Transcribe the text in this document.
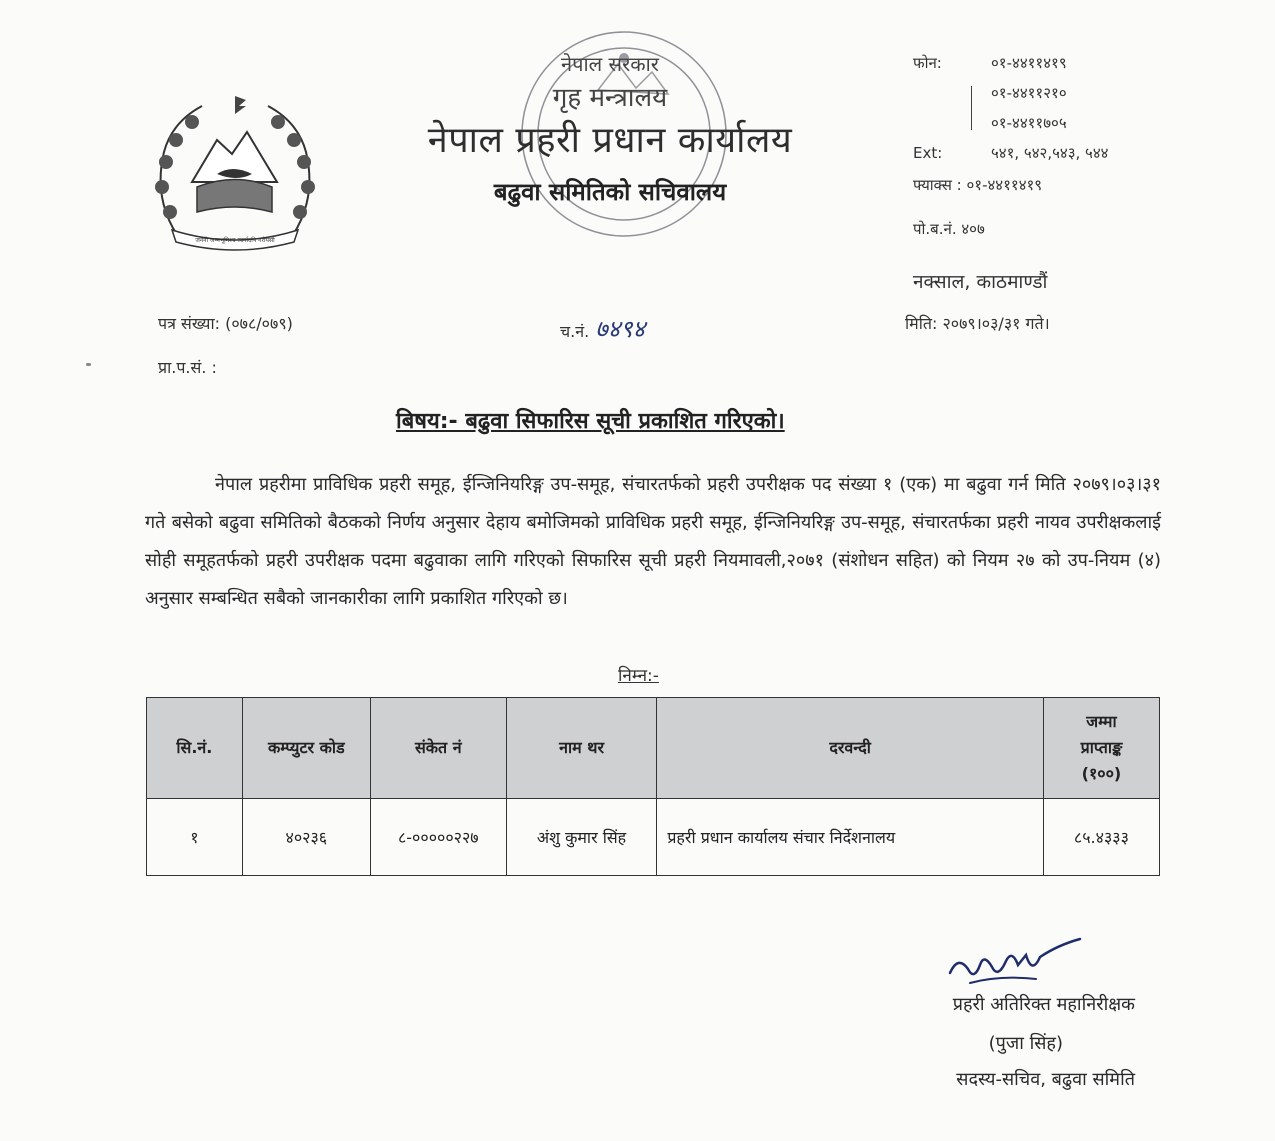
जननी जन्मभूमिश्च स्वर्गादपि गरीयसी
नेपाल सरकार
गृह मन्त्रालय
नेपाल प्रहरी प्रधान कार्यालय
बढुवा समितिको सचिवालय
फोन:	०१-४४११४१९
०१-४४११२१०
०१-४४११७०५
Ext:	५४१, ५४२,५४३, ५४४
फ्याक्स : ०१-४४११४१९
पो.ब.नं. ४०७
नक्साल, काठमाण्डौं
पत्र संख्या: (०७८/०७९)	च.नं. ७४९४	मिति: २०७९।०३/३१ गते।
प्रा.प.सं. :
बिषय:- बढुवा सिफारिस सूची प्रकाशित गरिएको।
नेपाल प्रहरीमा प्राविधिक प्रहरी समूह, ईन्जिनियरिङ्ग उप-समूह, संचारतर्फको प्रहरी उपरीक्षक पद संख्या १ (एक) मा बढुवा गर्न मिति २०७९।०३।३१ गते बसेको बढुवा समितिको बैठकको निर्णय अनुसार देहाय बमोजिमको प्राविधिक प्रहरी समूह, ईन्जिनियरिङ्ग उप-समूह, संचारतर्फका प्रहरी नायव उपरीक्षकलाई सोही समूहतर्फको प्रहरी उपरीक्षक पदमा बढुवाका लागि गरिएको सिफारिस सूची प्रहरी नियमावली,२०७१ (संशोधन सहित) को नियम २७ को उप-नियम (४) अनुसार सम्बन्धित सबैको जानकारीका लागि प्रकाशित गरिएको छ।
निम्न:-
सि.नं.	कम्प्युटर कोड	संकेत नं	नाम थर	दरवन्दी	जम्मा प्राप्ताङ्क (१००)

१	४०२३६	८-०००००२२७	अंशु कुमार सिंह	प्रहरी प्रधान कार्यालय संचार निर्देशनालय	८५.४३३३
प्रहरी अतिरिक्त महानिरीक्षक
(पुजा सिंह)
सदस्य-सचिव, बढुवा समिति
